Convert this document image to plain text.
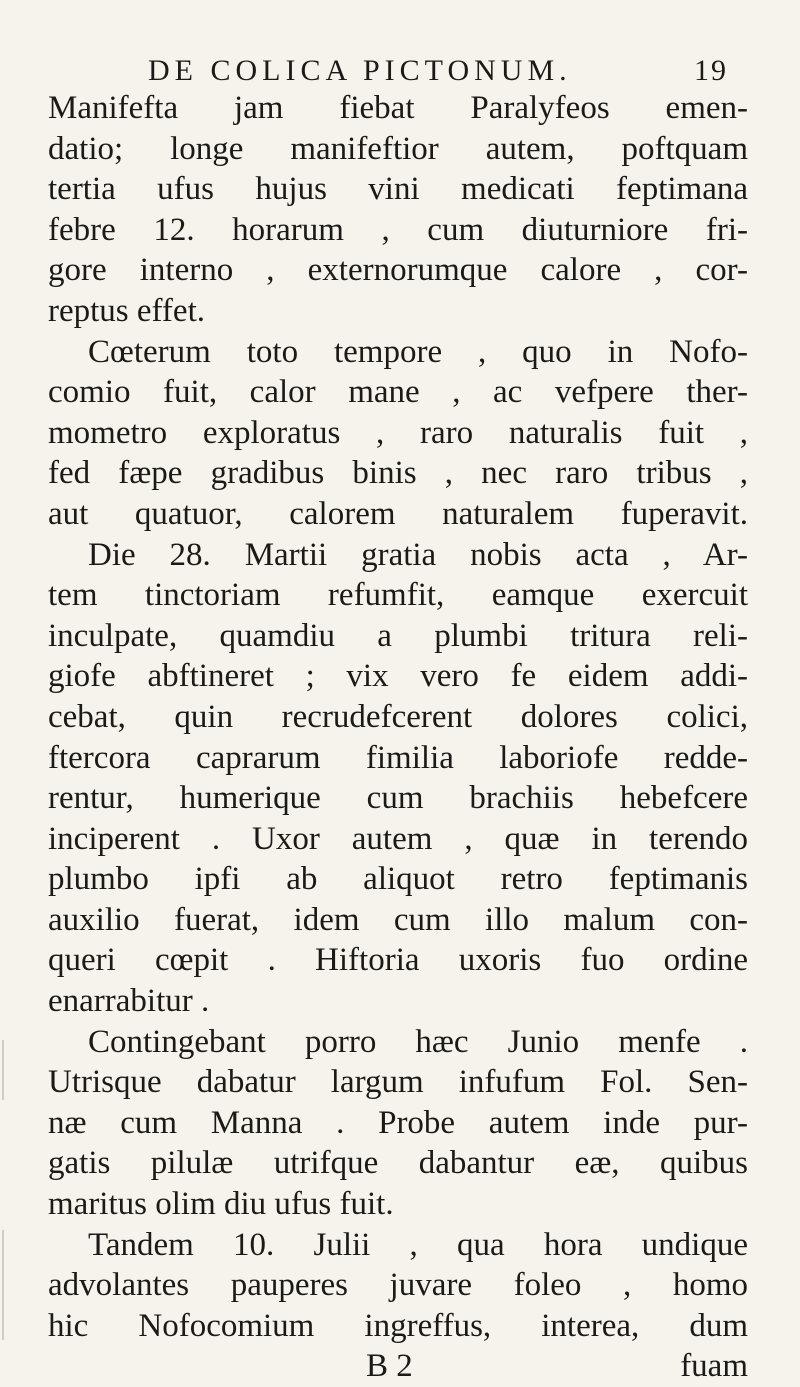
DE COLICA PICTONUM.	19
Manifefta jam fiebat Paralyfeos emen-
datio; longe manifeftior autem, poftquam
tertia ufus hujus vini medicati feptimana
febre 12. horarum , cum diuturniore fri-
gore interno , externorumque calore , cor-
reptus effet.
Cœterum toto tempore , quo in Nofo-
comio fuit, calor mane , ac vefpere ther-
mometro exploratus , raro naturalis fuit ,
fed fæpe gradibus binis , nec raro tribus ,
aut quatuor, calorem naturalem fuperavit.
Die 28. Martii gratia nobis acta , Ar-
tem tinctoriam refumfit, eamque exercuit
inculpate, quamdiu a plumbi tritura reli-
giofe abftineret ; vix vero fe eidem addi-
cebat, quin recrudefcerent dolores colici,
ftercora caprarum fimilia laboriofe redde-
rentur, humerique cum brachiis hebefcere
inciperent . Uxor autem , quæ in terendo
plumbo ipfi ab aliquot retro feptimanis
auxilio fuerat, idem cum illo malum con-
queri cœpit . Hiftoria uxoris fuo ordine
enarrabitur .
Contingebant porro hæc Junio menfe .
Utrisque dabatur largum infufum Fol. Sen-
næ cum Manna . Probe autem inde pur-
gatis pilulæ utrifque dabantur eæ, quibus
maritus olim diu ufus fuit.
Tandem 10. Julii , qua hora undique
advolantes pauperes juvare foleo , homo
hic Nofocomium ingreffus, interea, dum
B 2	fuam
